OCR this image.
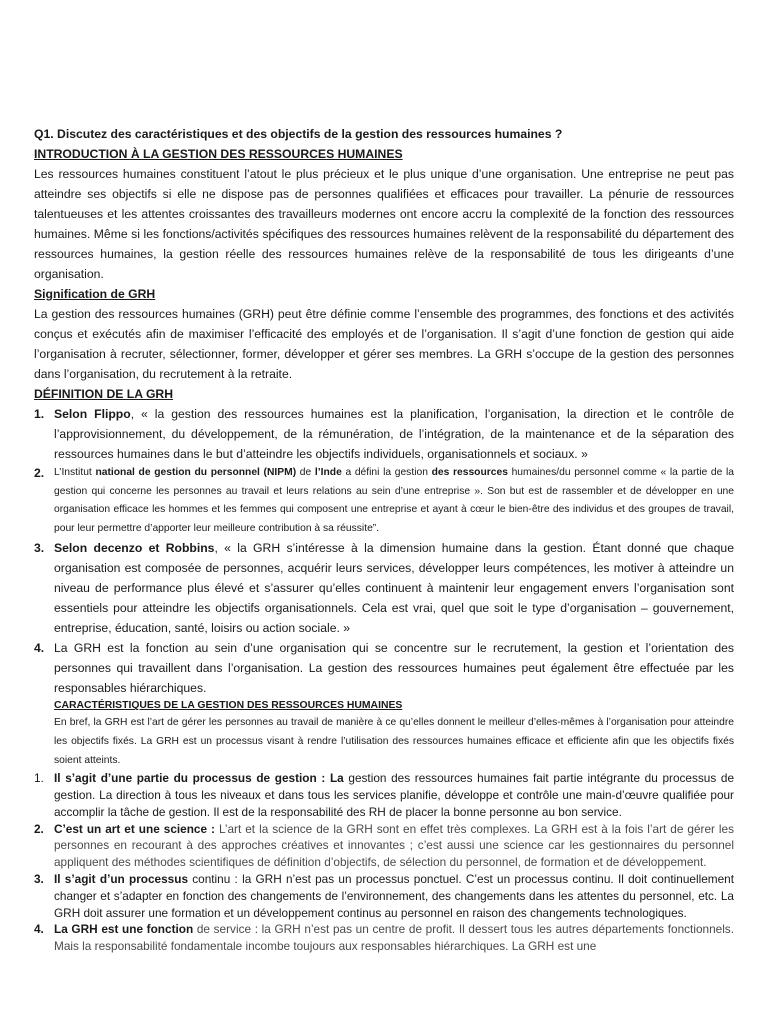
Q1. Discutez des caractéristiques et des objectifs de la gestion des ressources humaines ?

INTRODUCTION À LA GESTION DES RESSOURCES HUMAINES

Les ressources humaines constituent l’atout le plus précieux et le plus unique d’une organisation. Une entreprise ne peut pas atteindre ses objectifs si elle ne dispose pas de personnes qualifiées et efficaces pour travailler. La pénurie de ressources talentueuses et les attentes croissantes des travailleurs modernes ont encore accru la complexité de la fonction des ressources humaines. Même si les fonctions/activités spécifiques des ressources humaines relèvent de la responsabilité du département des ressources humaines, la gestion réelle des ressources humaines relève de la responsabilité de tous les dirigeants d’une organisation.

Signification de GRH

La gestion des ressources humaines (GRH) peut être définie comme l’ensemble des programmes, des fonctions et des activités conçus et exécutés afin de maximiser l’efficacité des employés et de l’organisation. Il s’agit d’une fonction de gestion qui aide l’organisation à recruter, sélectionner, former, développer et gérer ses membres. La GRH s’occupe de la gestion des personnes dans l’organisation, du recrutement à la retraite.

DÉFINITION DE LA GRH

1. Selon Flippo, « la gestion des ressources humaines est la planification, l’organisation, la direction et le contrôle de l’approvisionnement, du développement, de la rémunération, de l’intégration, de la maintenance et de la séparation des ressources humaines dans le but d’atteindre les objectifs individuels, organisationnels et sociaux. »
2. L’Institut national de gestion du personnel (NIPM) de l’Inde a défini la gestion des ressources humaines/du personnel comme « la partie de la gestion qui concerne les personnes au travail et leurs relations au sein d’une entreprise ». Son but est de rassembler et de développer en une organisation efficace les hommes et les femmes qui composent une entreprise et ayant à cœur le bien-être des individus et des groupes de travail, pour leur permettre d’apporter leur meilleure contribution à sa réussite”.
3. Selon decenzo et Robbins, « la GRH s’intéresse à la dimension humaine dans la gestion. Étant donné que chaque organisation est composée de personnes, acquérir leurs services, développer leurs compétences, les motiver à atteindre un niveau de performance plus élevé et s’assurer qu’elles continuent à maintenir leur engagement envers l’organisation sont essentiels pour atteindre les objectifs organisationnels. Cela est vrai, quel que soit le type d’organisation – gouvernement, entreprise, éducation, santé, loisirs ou action sociale. »
4. La GRH est la fonction au sein d’une organisation qui se concentre sur le recrutement, la gestion et l’orientation des personnes qui travaillent dans l’organisation. La gestion des ressources humaines peut également être effectuée par les responsables hiérarchiques.

CARACTÉRISTIQUES DE LA GESTION DES RESSOURCES HUMAINES

En bref, la GRH est l’art de gérer les personnes au travail de manière à ce qu’elles donnent le meilleur d’elles-mêmes à l’organisation pour atteindre les objectifs fixés. La GRH est un processus visant à rendre l’utilisation des ressources humaines efficace et efficiente afin que les objectifs fixés soient atteints.

1. Il s’agit d’une partie du processus de gestion : La gestion des ressources humaines fait partie intégrante du processus de gestion. La direction à tous les niveaux et dans tous les services planifie, développe et contrôle une main-d’œuvre qualifiée pour accomplir la tâche de gestion. Il est de la responsabilité des RH de placer la bonne personne au bon service.
2. C’est un art et une science : L’art et la science de la GRH sont en effet très complexes. La GRH est à la fois l’art de gérer les personnes en recourant à des approches créatives et innovantes ; c’est aussi une science car les gestionnaires du personnel appliquent des méthodes scientifiques de définition d’objectifs, de sélection du personnel, de formation et de développement.
3. Il s’agit d’un processus continu : la GRH n’est pas un processus ponctuel. C’est un processus continu. Il doit continuellement changer et s’adapter en fonction des changements de l’environnement, des changements dans les attentes du personnel, etc. La GRH doit assurer une formation et un développement continus au personnel en raison des changements technologiques.
4. La GRH est une fonction de service : la GRH n’est pas un centre de profit. Il dessert tous les autres départements fonctionnels. Mais la responsabilité fondamentale incombe toujours aux responsables hiérarchiques. La GRH est une
